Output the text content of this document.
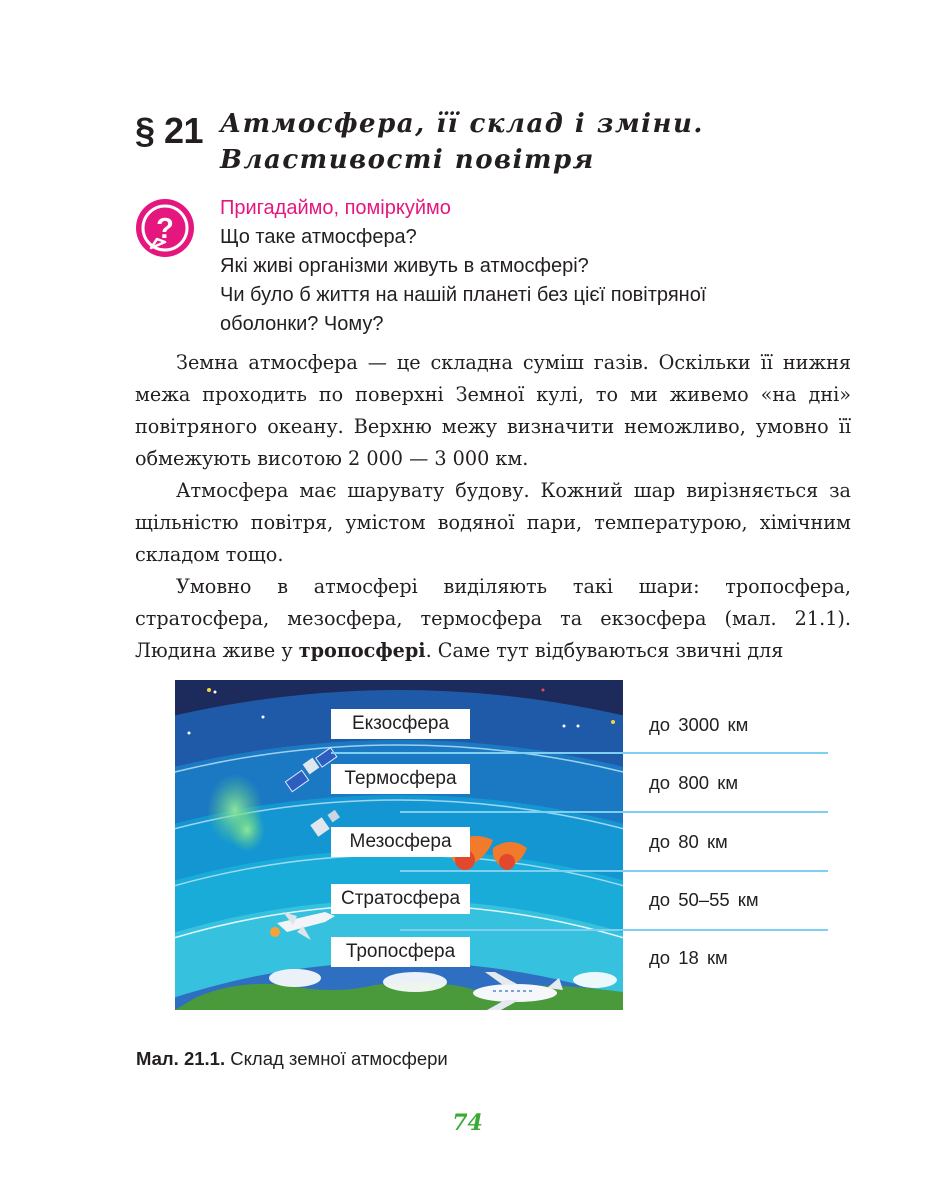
§ 21 Атмосфера, її склад і зміни.
Властивості повітря
?
Пригадаймо, поміркуймо
Що таке атмосфера?
Які живі організми живуть в атмосфері?
Чи було б життя на нашій планеті без цієї повітряної
оболонки? Чому?

Земна атмосфера — це складна суміш газів. Оскільки її нижня межа проходить по поверхні Земної кулі, то ми живемо «на дні» повітряного океану. Верхню межу визначити неможливо, умовно її обмежують висотою 2 000 — 3 000 км.

Атмосфера має шарувату будову. Кожний шар вирізняється за щільністю повітря, умістом водяної пари, температурою, хімічним складом тощо.

Умовно в атмосфері виділяють такі шари: тропосфера, стратосфера, мезосфера, термосфера та екзосфера (мал. 21.1). Людина живе у тропосфері. Саме тут відбуваються звичні для

Екзосфера
Термосфера
Мезосфера
Стратосфера
Тропосфера
до 3000 км
до 800 км
до 80 км
до 50–55 км
до 18 км
Мал. 21.1. Склад земної атмосфери
74
